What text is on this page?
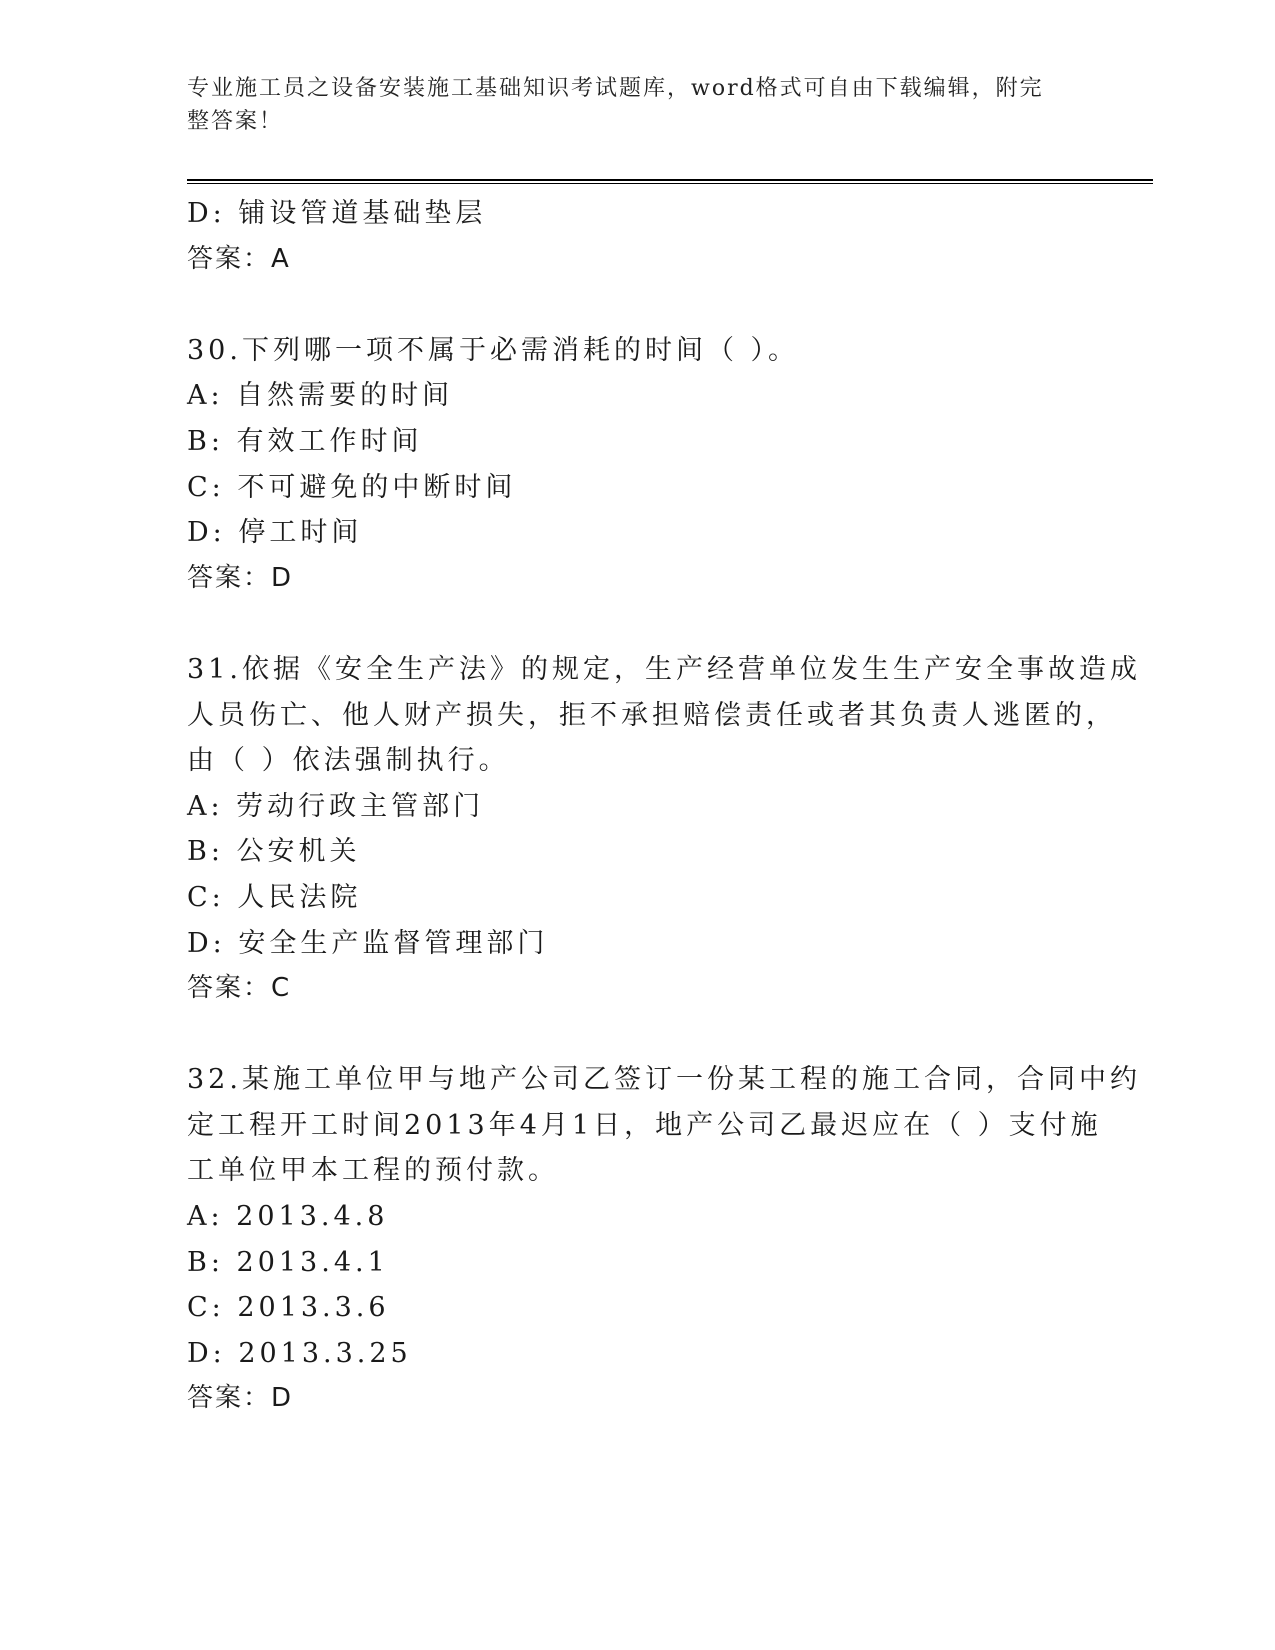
专业施工员之设备安装施工基础知识考试题库，word格式可自由下载编辑，附完整答案！

D: 铺设管道基础垫层

答案：A

30.下列哪一项不属于必需消耗的时间（ ）。

A: 自然需要的时间

B: 有效工作时间

C: 不可避免的中断时间

D: 停工时间

答案：D

31.依据《安全生产法》的规定，生产经营单位发生生产安全事故造成

人员伤亡、他人财产损失，拒不承担赔偿责任或者其负责人逃匿的，

由（ ）依法强制执行。

A: 劳动行政主管部门

B: 公安机关

C: 人民法院

D: 安全生产监督管理部门

答案：C

32.某施工单位甲与地产公司乙签订一份某工程的施工合同，合同中约

定工程开工时间2013年4月1日，地产公司乙最迟应在（ ）支付施

工单位甲本工程的预付款。

A: 2013.4.8

B: 2013.4.1

C: 2013.3.6

D: 2013.3.25

答案：D
